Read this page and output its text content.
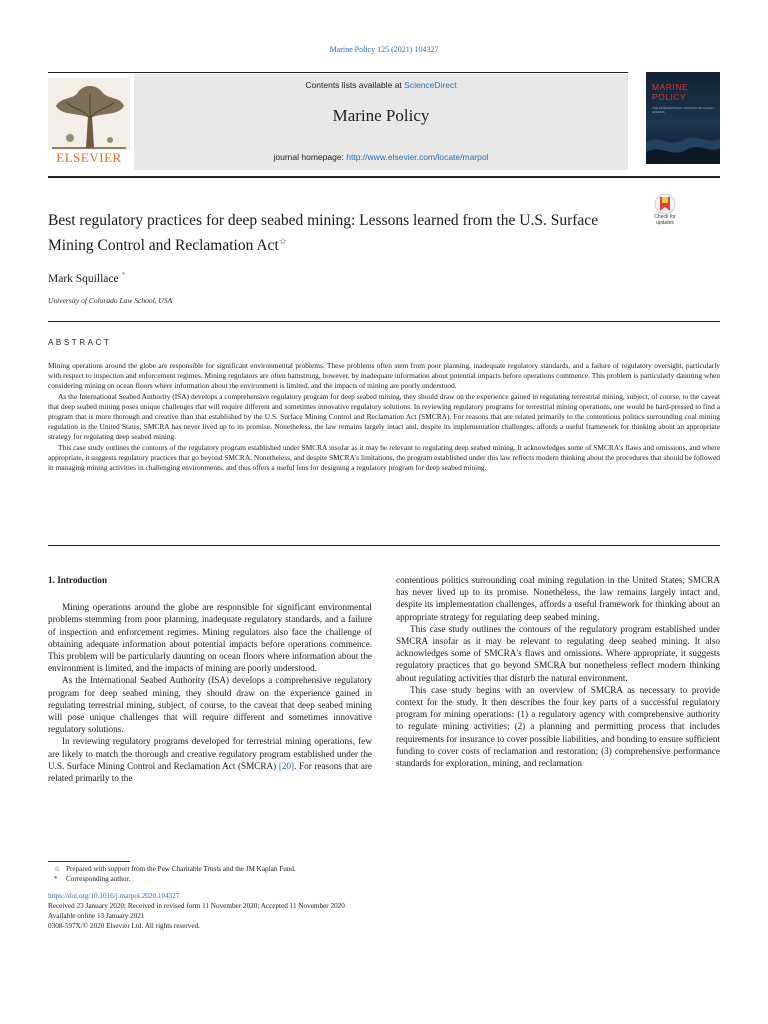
Marine Policy 125 (2021) 104327
ELSEVIER
Contents lists available at ScienceDirect
Marine Policy
journal homepage: http://www.elsevier.com/locate/marpol
MARINE
POLICY
THE INTERNATIONAL JOURNAL OF OCEAN AFFAIRS
Check for
updates
Best regulatory practices for deep seabed mining: Lessons learned from the U.S. Surface Mining Control and Reclamation Act☆
Mark Squillace *
University of Colorado Law School, USA
ABSTRACT

Mining operations around the globe are responsible for significant environmental problems. These problems often stem from poor planning, inadequate regulatory standards, and a failure of regulatory oversight, particularly with respect to inspection and enforcement regimes. Mining regulators are often hamstrung, however, by inadequate information about potential impacts before operations commence. This problem is particularly daunting when considering mining on ocean floors where information about the environment is limited, and the impacts of mining are poorly understood.

As the International Seabed Authority (ISA) develops a comprehensive regulatory program for deep seabed mining, they should draw on the experience gained in regulating terrestrial mining, subject, of course, to the caveat that deep seabed mining poses unique challenges that will require different and sometimes innovative regulatory solutions. In reviewing regulatory programs for terrestrial mining operations, one would be hard-pressed to find a program that is more thorough and creative than that established by the U.S. Surface Mining Control and Reclamation Act (SMCRA). For reasons that are related primarily to the contentious politics surrounding coal mining regulation in the United States, SMCRA has never lived up to its promise. Nonetheless, the law remains largely intact and, despite its implementation challenges, affords a useful framework for thinking about an appropriate strategy for regulating deep seabed mining.

This case study outlines the contours of the regulatory program established under SMCRA insofar as it may be relevant to regulating deep seabed mining. It acknowledges some of SMCRA's flaws and omissions, and where appropriate, it suggests regulatory practices that go beyond SMCRA. Nonetheless, and despite SMCRA's limitations, the program established under this law reflects modern thinking about the procedures that should be followed in managing mining activities in challenging environments, and thus offers a useful lens for designing a regulatory program for deep seabed mining.

1. Introduction

Mining operations around the globe are responsible for significant environmental problems stemming from poor planning, inadequate regulatory standards, and a failure of inspection and enforcement regimes. Mining regulators also face the challenge of obtaining adequate information about potential impacts before operations commence. This problem will be particularly daunting on ocean floors where information about the environment is limited, and the impacts of mining are poorly understood.

As the International Seabed Authority (ISA) develops a comprehensive regulatory program for deep seabed mining, they should draw on the experience gained in regulating terrestrial mining, subject, of course, to the caveat that deep seabed mining will pose unique challenges that will require different and sometimes innovative regulatory solutions.

In reviewing regulatory programs developed for terrestrial mining operations, few are likely to match the thorough and creative regulatory program established under the U.S. Surface Mining Control and Reclamation Act (SMCRA) [20]. For reasons that are related primarily to the

contentious politics surrounding coal mining regulation in the United States, SMCRA has never lived up to its promise. Nonetheless, the law remains largely intact and, despite its implementation challenges, affords a useful framework for thinking about an appropriate strategy for regulating deep seabed mining.

This case study outlines the contours of the regulatory program established under SMCRA insofar as it may be relevant to regulating deep seabed mining. It also acknowledges some of SMCRA's flaws and omissions. Where appropriate, it suggests regulatory practices that go beyond SMCRA but nonetheless reflect modern thinking about regulating activities that disturb the natural environment.

This case study begins with an overview of SMCRA as necessary to provide context for the study. It then describes the four key parts of a successful regulatory program for mining operations: (1) a regulatory agency with comprehensive authority to regulate mining activities; (2) a planning and permitting process that includes requirements for insurance to cover possible liabilities, and bonding to ensure sufficient funding to cover costs of reclamation and restoration; (3) comprehensive performance standards for exploration, mining, and reclamation

☆ Prepared with support from the Pew Charitable Trusts and the JM Kaplan Fund.
* Corresponding author.
https://doi.org/10.1016/j.marpol.2020.104327
Received 23 January 2020; Received in revised form 11 November 2020; Accepted 11 November 2020
Available online 13 January 2021
0308-597X/© 2020 Elsevier Ltd. All rights reserved.
